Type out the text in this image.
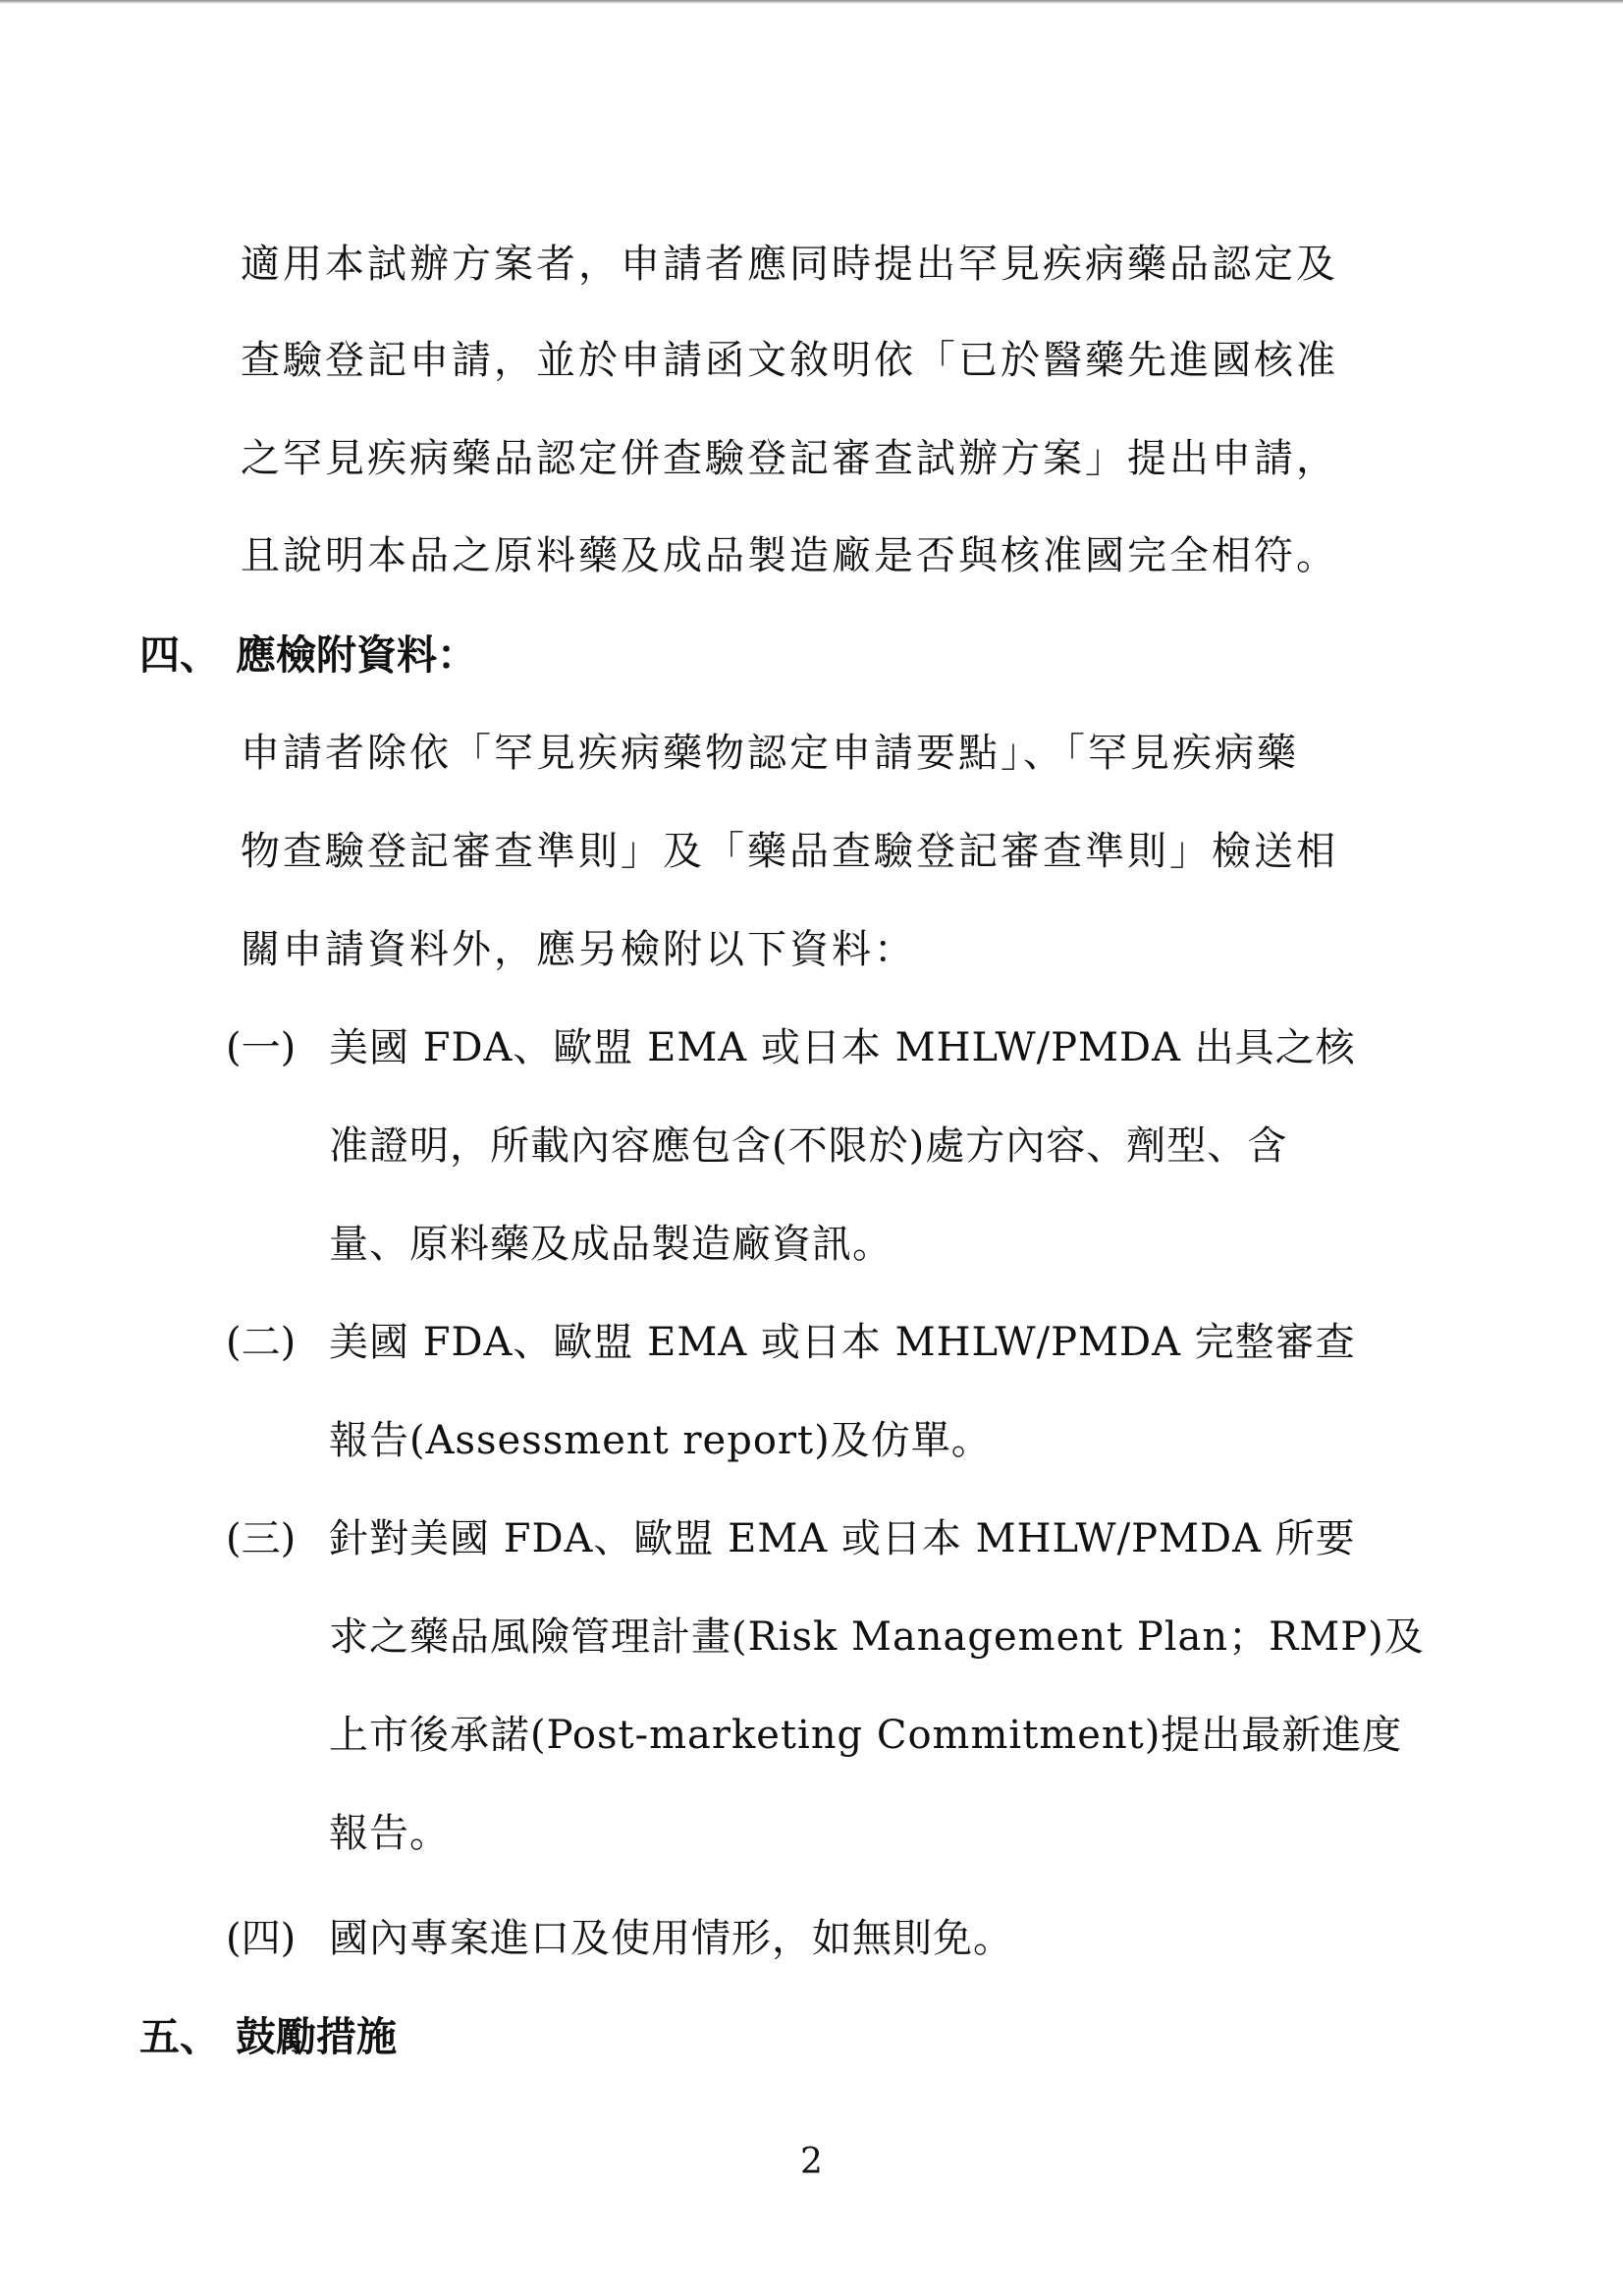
適用本試辦方案者，申請者應同時提出罕見疾病藥品認定及
查驗登記申請，並於申請函文敘明依「已於醫藥先進國核准
之罕見疾病藥品認定併查驗登記審查試辦方案」提出申請，
且說明本品之原料藥及成品製造廠是否與核准國完全相符。
四、 應檢附資料：
申請者除依「罕見疾病藥物認定申請要點」、「罕見疾病藥
物查驗登記審查準則」及「藥品查驗登記審查準則」檢送相
關申請資料外，應另檢附以下資料：
(一) 美國 FDA、歐盟 EMA 或日本 MHLW/PMDA 出具之核
准證明，所載內容應包含(不限於)處方內容、劑型、含
量、原料藥及成品製造廠資訊。
(二) 美國 FDA、歐盟 EMA 或日本 MHLW/PMDA 完整審查
報告(Assessment report)及仿單。
(三) 針對美國 FDA、歐盟 EMA 或日本 MHLW/PMDA 所要
求之藥品風險管理計畫(Risk Management Plan；RMP)及
上市後承諾(Post-marketing Commitment)提出最新進度
報告。
(四) 國內專案進口及使用情形，如無則免。
五、 鼓勵措施
2
